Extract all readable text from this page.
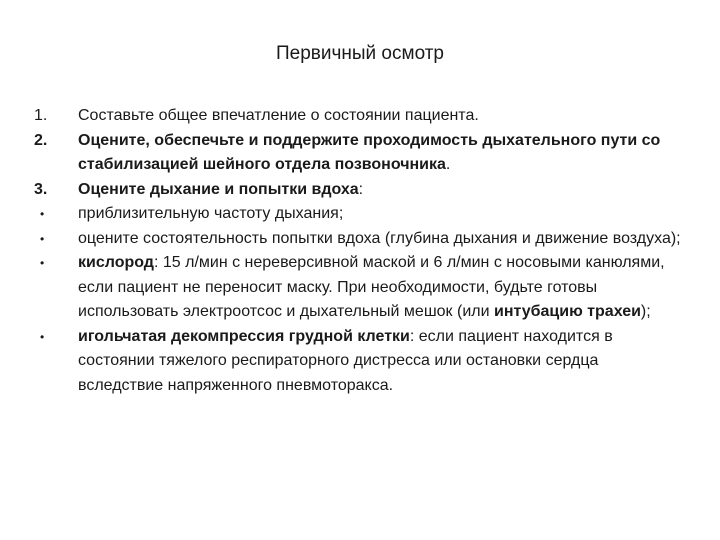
Первичный осмотр
1.	Составьте общее впечатление о состоянии пациента.
2.	Оцените, обеспечьте и поддержите проходимость дыхательного пути со стабилизацией шейного отдела позвоночника.
3.	Оцените дыхание и попытки вдоха:
•	приблизительную частоту дыхания;
•	оцените состоятельность попытки вдоха (глубина дыхания и движение воздуха);
•	кислород: 15 л/мин с нереверсивной маской и 6 л/мин с носовыми канюлями, если пациент не переносит маску. При необходимости, будьте готовы использовать электроотсос и дыхательный мешок (или интубацию трахеи);
•	игольчатая декомпрессия грудной клетки: если пациент находится в состоянии тяжелого респираторного дистресса или остановки сердца вследствие напряженного пневмоторакса.
